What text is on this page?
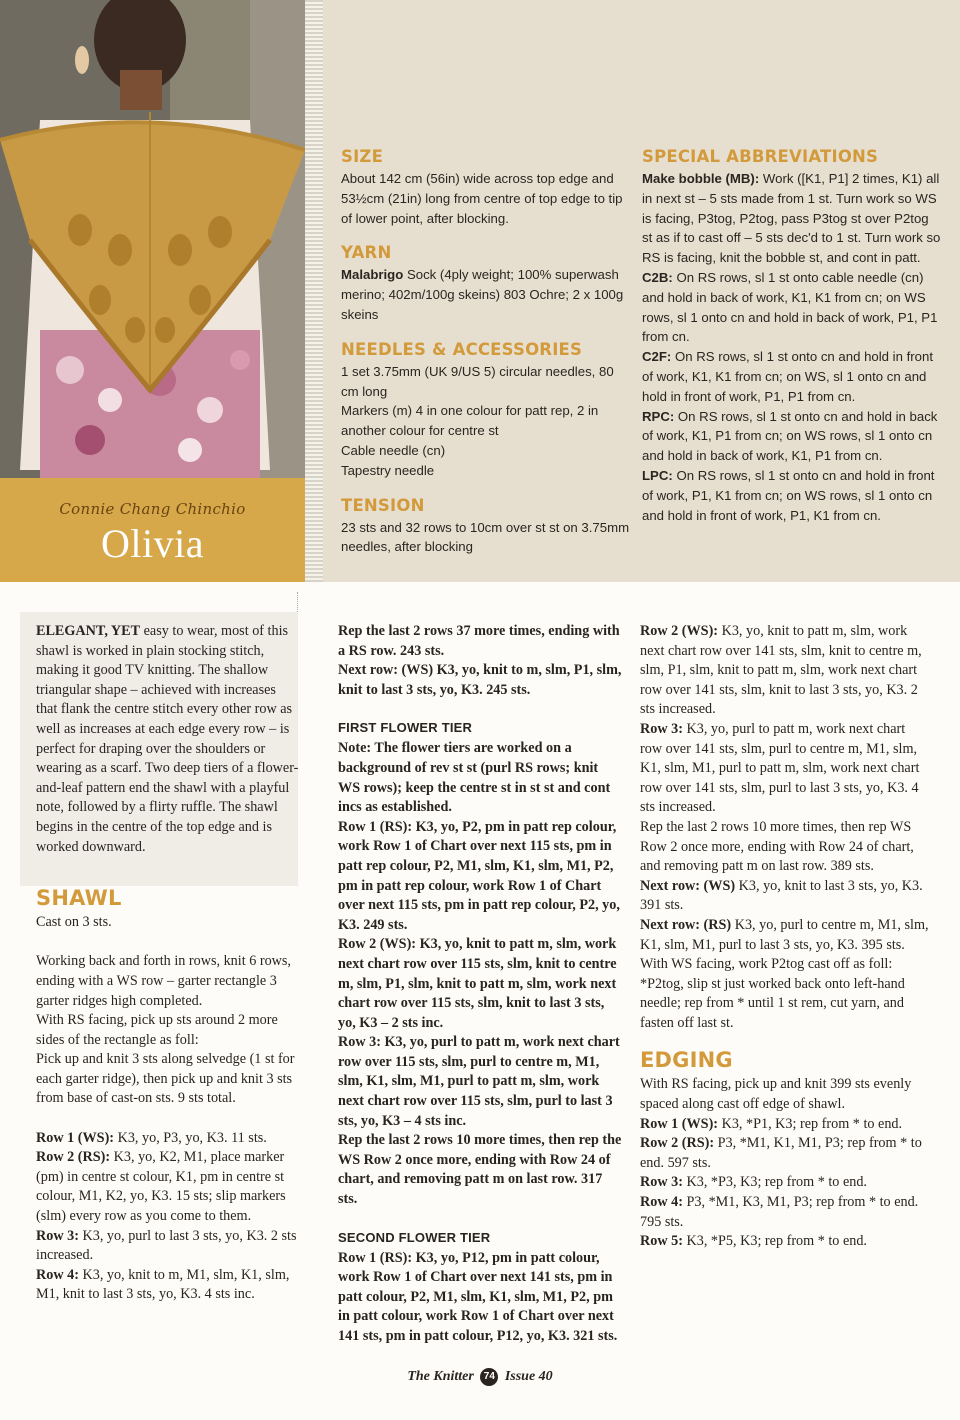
Connie Chang Chinchio
Olivia
SIZE

About 142 cm (56in) wide across top edge and 53½cm (21in) long from centre of top edge to tip of lower point, after blocking.

YARN

Malabrigo Sock (4ply weight; 100% superwash merino; 402m/100g skeins) 803 Ochre; 2 x 100g skeins

NEEDLES & ACCESSORIES

1 set 3.75mm (UK 9/US 5) circular needles, 80 cm long

Markers (m) 4 in one colour for patt rep, 2 in another colour for centre st

Cable needle (cn)

Tapestry needle

TENSION

23 sts and 32 rows to 10cm over st st on 3.75mm needles, after blocking

SPECIAL ABBREVIATIONS

Make bobble (MB): Work ([K1, P1] 2 times, K1) all in next st – 5 sts made from 1 st. Turn work so WS is facing, P3tog, P2tog, pass P3tog st over P2tog st as if to cast off – 5 sts dec'd to 1 st. Turn work so RS is facing, knit the bobble st, and cont in patt.

C2B: On RS rows, sl 1 st onto cable needle (cn) and hold in back of work, K1, K1 from cn; on WS rows, sl 1 onto cn and hold in back of work, P1, P1 from cn.

C2F: On RS rows, sl 1 st onto cn and hold in front of work, K1, K1 from cn; on WS, sl 1 onto cn and hold in front of work, P1, P1 from cn.

RPC: On RS rows, sl 1 st onto cn and hold in back of work, K1, P1 from cn; on WS rows, sl 1 onto cn and hold in back of work, K1, P1 from cn.

LPC: On RS rows, sl 1 st onto cn and hold in front of work, P1, K1 from cn; on WS rows, sl 1 onto cn and hold in front of work, P1, K1 from cn.

ELEGANT, YET easy to wear, most of this shawl is worked in plain stocking stitch, making it good TV knitting. The shallow triangular shape – achieved with increases that flank the centre stitch every other row as well as increases at each edge every row – is perfect for draping over the shoulders or wearing as a scarf. Two deep tiers of a flower-and-leaf pattern end the shawl with a playful note, followed by a flirty ruffle. The shawl begins in the centre of the top edge and is worked downward.

SHAWL

Cast on 3 sts.

Working back and forth in rows, knit 6 rows, ending with a WS row – garter rectangle 3 garter ridges high completed.

With RS facing, pick up sts around 2 more sides of the rectangle as foll:

Pick up and knit 3 sts along selvedge (1 st for each garter ridge), then pick up and knit 3 sts from base of cast-on sts. 9 sts total.

Row 1 (WS): K3, yo, P3, yo, K3. 11 sts.

Row 2 (RS): K3, yo, K2, M1, place marker (pm) in centre st colour, K1, pm in centre st colour, M1, K2, yo, K3. 15 sts; slip markers (slm) every row as you come to them.

Row 3: K3, yo, purl to last 3 sts, yo, K3. 2 sts increased.

Row 4: K3, yo, knit to m, M1, slm, K1, slm, M1, knit to last 3 sts, yo, K3. 4 sts inc.

Rep the last 2 rows 37 more times, ending with a RS row. 243 sts.

Next row: (WS) K3, yo, knit to m, slm, P1, slm, knit to last 3 sts, yo, K3. 245 sts.

FIRST FLOWER TIER

Note: The flower tiers are worked on a background of rev st st (purl RS rows; knit WS rows); keep the centre st in st st and cont incs as established.

Row 1 (RS): K3, yo, P2, pm in patt rep colour, work Row 1 of Chart over next 115 sts, pm in patt rep colour, P2, M1, slm, K1, slm, M1, P2, pm in patt rep colour, work Row 1 of Chart over next 115 sts, pm in patt rep colour, P2, yo, K3. 249 sts.

Row 2 (WS): K3, yo, knit to patt m, slm, work next chart row over 115 sts, slm, knit to centre m, slm, P1, slm, knit to patt m, slm, work next chart row over 115 sts, slm, knit to last 3 sts, yo, K3 – 2 sts inc.

Row 3: K3, yo, purl to patt m, work next chart row over 115 sts, slm, purl to centre m, M1, slm, K1, slm, M1, purl to patt m, slm, work next chart row over 115 sts, slm, purl to last 3 sts, yo, K3 – 4 sts inc.

Rep the last 2 rows 10 more times, then rep the WS Row 2 once more, ending with Row 24 of chart, and removing patt m on last row. 317 sts.

SECOND FLOWER TIER

Row 1 (RS): K3, yo, P12, pm in patt colour, work Row 1 of Chart over next 141 sts, pm in patt colour, P2, M1, slm, K1, slm, M1, P2, pm in patt colour, work Row 1 of Chart over next 141 sts, pm in patt colour, P12, yo, K3. 321 sts.

Row 2 (WS): K3, yo, knit to patt m, slm, work next chart row over 141 sts, slm, knit to centre m, slm, P1, slm, knit to patt m, slm, work next chart row over 141 sts, slm, knit to last 3 sts, yo, K3. 2 sts increased.

Row 3: K3, yo, purl to patt m, work next chart row over 141 sts, slm, purl to centre m, M1, slm, K1, slm, M1, purl to patt m, slm, work next chart row over 141 sts, slm, purl to last 3 sts, yo, K3. 4 sts increased.

Rep the last 2 rows 10 more times, then rep WS Row 2 once more, ending with Row 24 of chart, and removing patt m on last row. 389 sts.

Next row: (WS) K3, yo, knit to last 3 sts, yo, K3. 391 sts.

Next row: (RS) K3, yo, purl to centre m, M1, slm, K1, slm, M1, purl to last 3 sts, yo, K3. 395 sts.

With WS facing, work P2tog cast off as foll: *P2tog, slip st just worked back onto left-hand needle; rep from * until 1 st rem, cut yarn, and fasten off last st.

EDGING

With RS facing, pick up and knit 399 sts evenly spaced along cast off edge of shawl.

Row 1 (WS): K3, *P1, K3; rep from * to end.

Row 2 (RS): P3, *M1, K1, M1, P3; rep from * to end. 597 sts.

Row 3: K3, *P3, K3; rep from * to end.

Row 4: P3, *M1, K3, M1, P3; rep from * to end. 795 sts.

Row 5: K3, *P5, K3; rep from * to end.

The Knitter 74 Issue 40
